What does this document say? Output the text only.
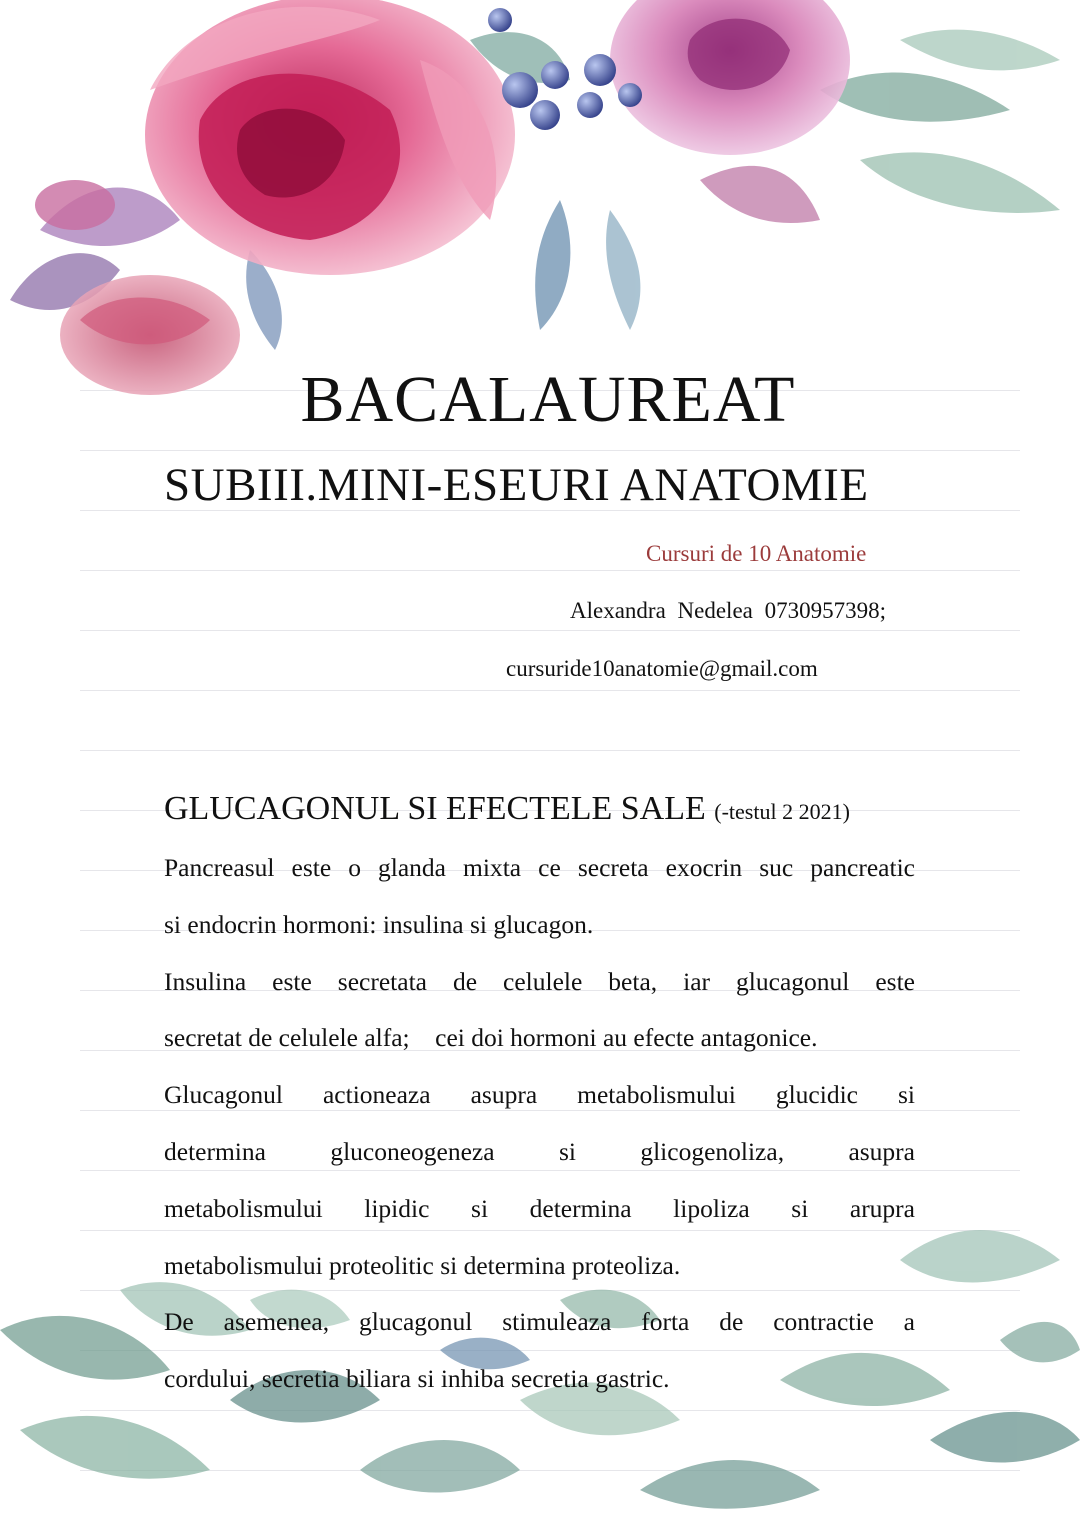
BACALAUREAT
SUBIII.MINI-ESEURI ANATOMIE
Cursuri de 10 Anatomie
Alexandra Nedelea 0730957398;
cursuride10anatomie@gmail.com
GLUCAGONUL SI EFECTELE SALE (-testul 2 2021)

Pancreasul este o glanda mixta ce secreta exocrin suc pancreatic

si endocrin hormoni: insulina si glucagon.

Insulina este secretata de celulele beta, iar glucagonul este

secretat de celulele alfa;    cei doi hormoni au efecte antagonice.

Glucagonul actioneaza asupra metabolismului glucidic si

determina gluconeogeneza si glicogenoliza, asupra

metabolismului lipidic si determina lipoliza si arupra

metabolismului proteolitic si determina proteoliza.

De asemenea, glucagonul stimuleaza forta de contractie a

cordului, secretia biliara si inhiba secretia gastric.
